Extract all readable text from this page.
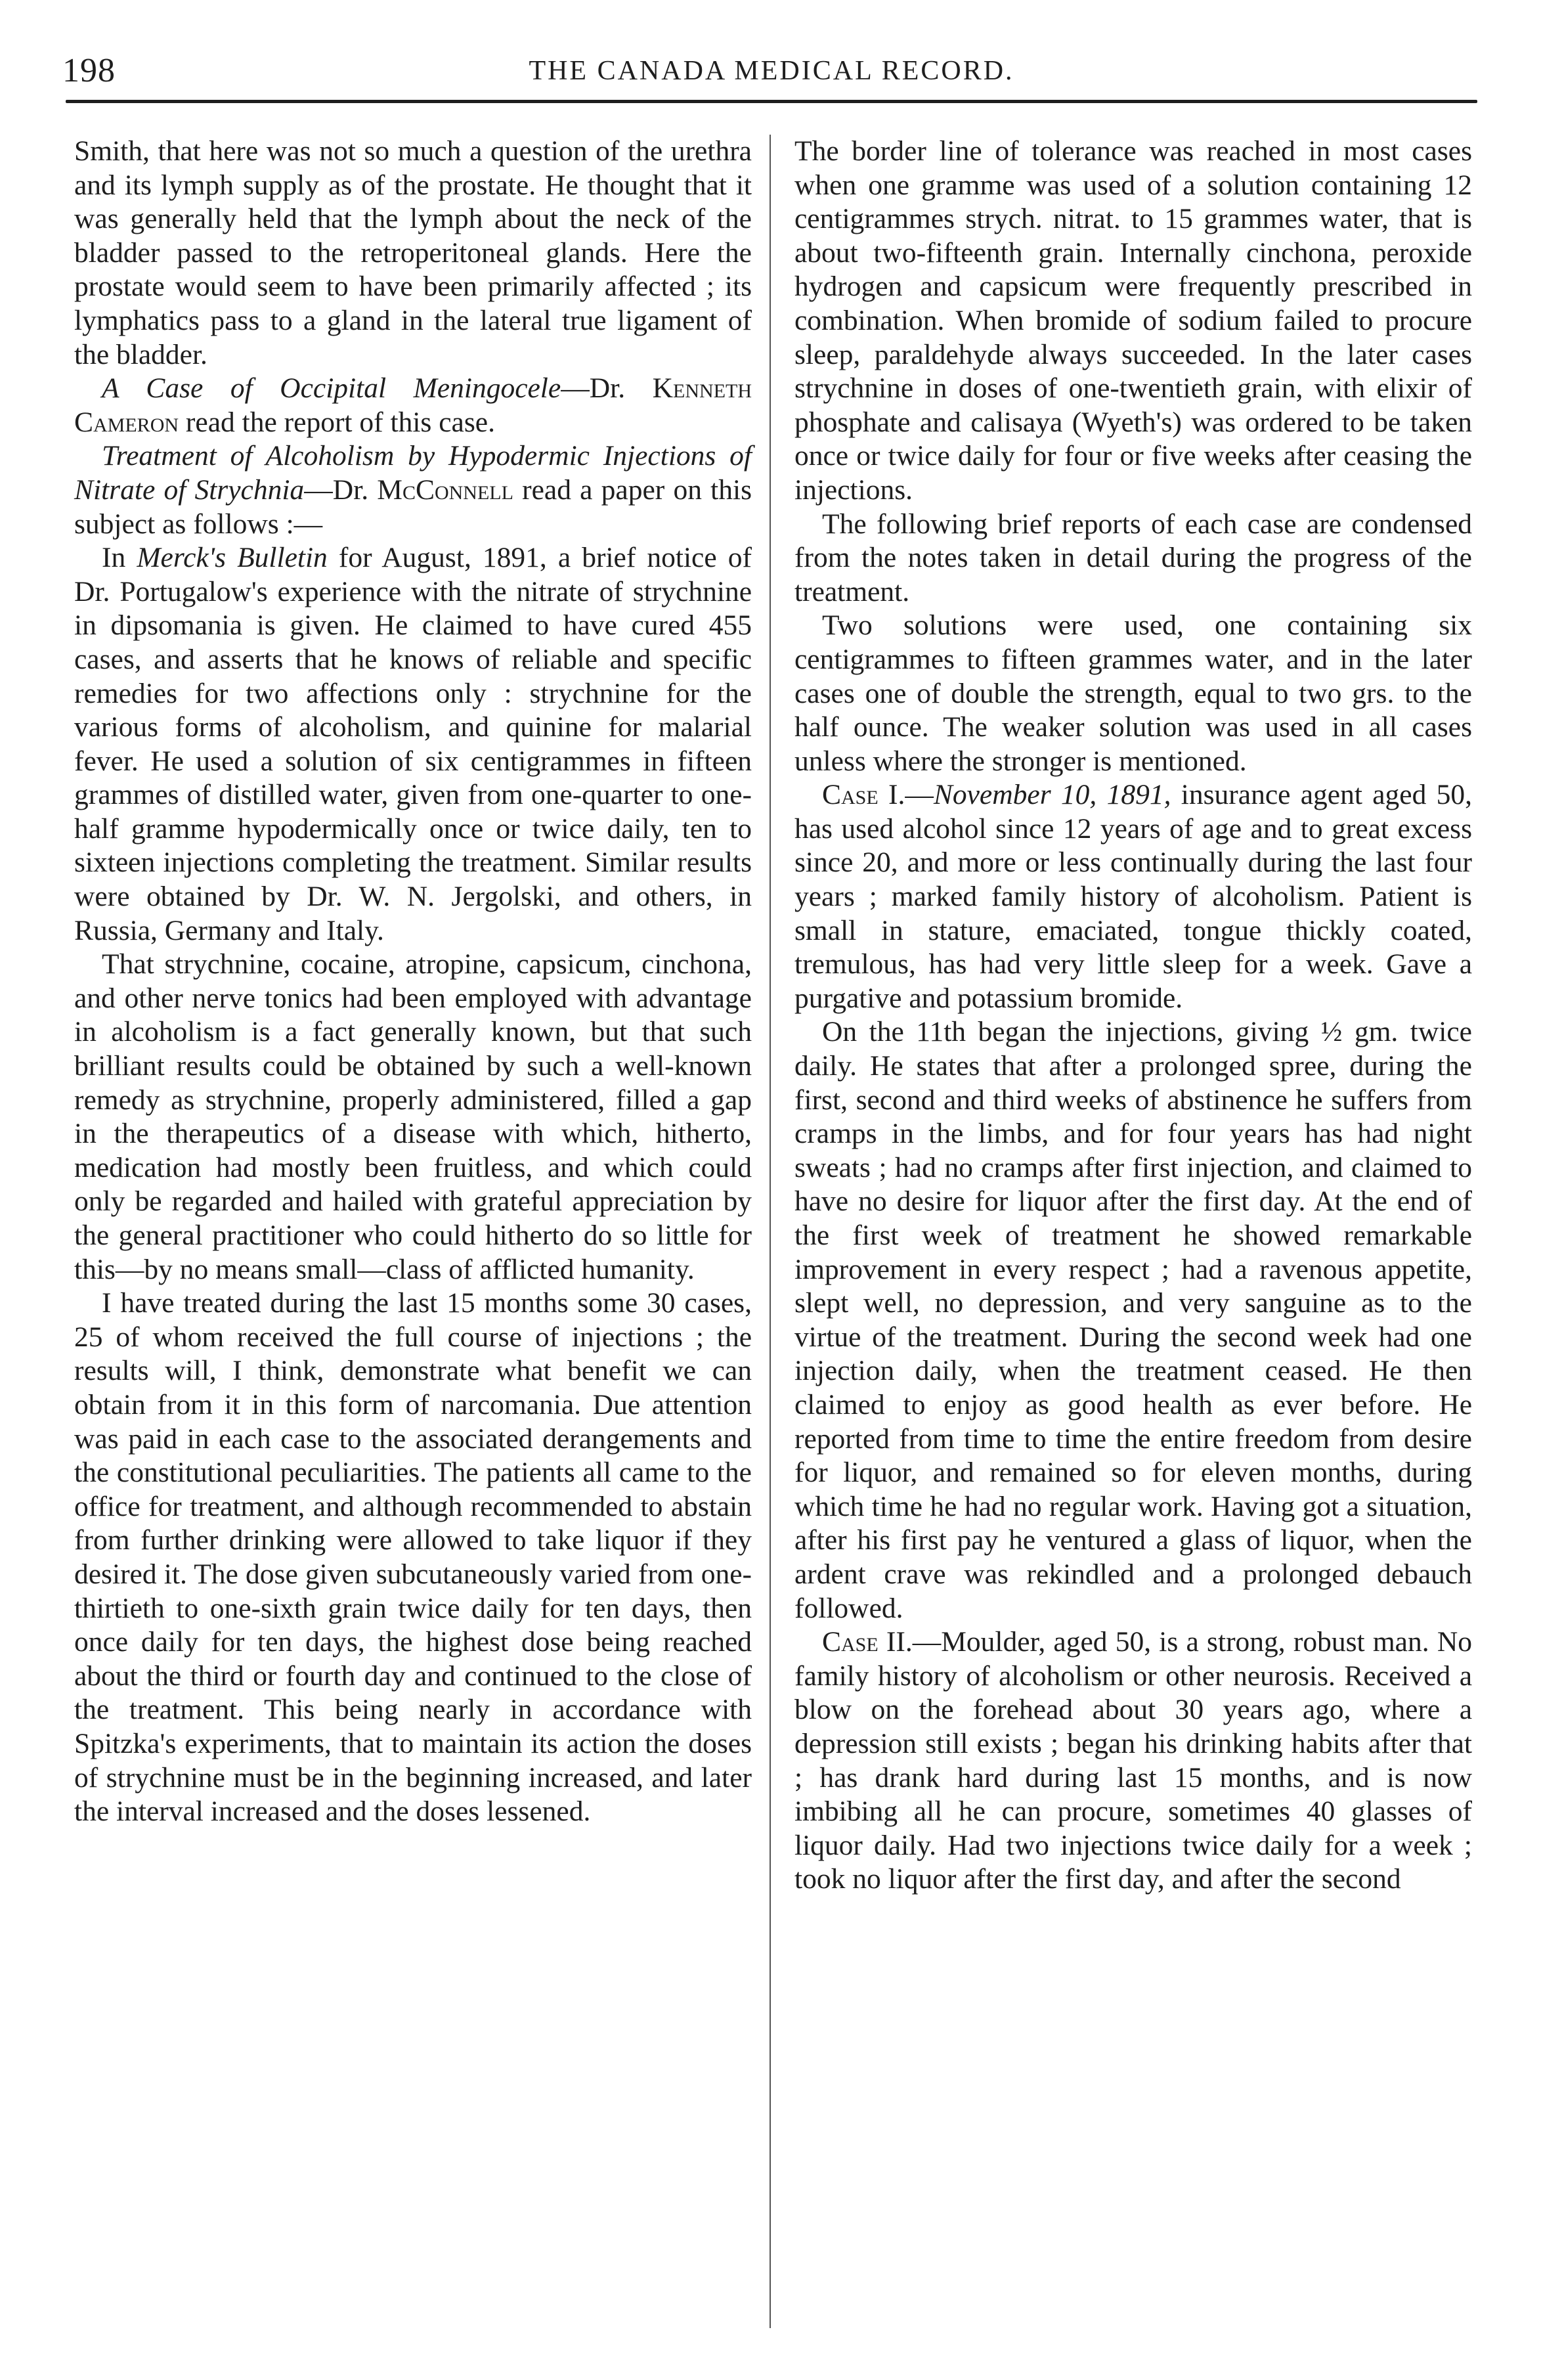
198	THE CANADA MEDICAL RECORD.

Smith, that here was not so much a question of the urethra and its lymph supply as of the prostate. He thought that it was generally held that the lymph about the neck of the bladder passed to the retroperitoneal glands. Here the prostate would seem to have been primarily affected ; its lymphatics pass to a gland in the lateral true ligament of the bladder.

A Case of Occipital Meningocele—Dr. Kenneth Cameron read the report of this case.

Treatment of Alcoholism by Hypodermic Injections of Nitrate of Strychnia—Dr. McConnell read a paper on this subject as follows :—

In Merck's Bulletin for August, 1891, a brief notice of Dr. Portugalow's experience with the nitrate of strychnine in dipsomania is given. He claimed to have cured 455 cases, and asserts that he knows of reliable and specific remedies for two affections only : strychnine for the various forms of alcoholism, and quinine for malarial fever. He used a solution of six centigrammes in fifteen grammes of distilled water, given from one-quarter to one-half gramme hypodermically once or twice daily, ten to sixteen injections completing the treatment. Similar results were obtained by Dr. W. N. Jergolski, and others, in Russia, Germany and Italy.

That strychnine, cocaine, atropine, capsicum, cinchona, and other nerve tonics had been employed with advantage in alcoholism is a fact generally known, but that such brilliant results could be obtained by such a well-known remedy as strychnine, properly administered, filled a gap in the therapeutics of a disease with which, hitherto, medication had mostly been fruitless, and which could only be regarded and hailed with grateful appreciation by the general practitioner who could hitherto do so little for this—by no means small—class of afflicted humanity.

I have treated during the last 15 months some 30 cases, 25 of whom received the full course of injections ; the results will, I think, demonstrate what benefit we can obtain from it in this form of narcomania. Due attention was paid in each case to the associated derangements and the constitutional peculiarities. The patients all came to the office for treatment, and although recommended to abstain from further drinking were allowed to take liquor if they desired it. The dose given subcutaneously varied from one-thirtieth to one-sixth grain twice daily for ten days, then once daily for ten days, the highest dose being reached about the third or fourth day and continued to the close of the treatment. This being nearly in accordance with Spitzka's experiments, that to maintain its action the doses of strychnine must be in the beginning increased, and later the interval increased and the doses lessened.

The border line of tolerance was reached in most cases when one gramme was used of a solution containing 12 centigrammes strych. nitrat. to 15 grammes water, that is about two-fifteenth grain. Internally cinchona, peroxide hydrogen and capsicum were frequently prescribed in combination. When bromide of sodium failed to procure sleep, paraldehyde always succeeded. In the later cases strychnine in doses of one-twentieth grain, with elixir of phosphate and calisaya (Wyeth's) was ordered to be taken once or twice daily for four or five weeks after ceasing the injections.

The following brief reports of each case are condensed from the notes taken in detail during the progress of the treatment.

Two solutions were used, one containing six centigrammes to fifteen grammes water, and in the later cases one of double the strength, equal to two grs. to the half ounce. The weaker solution was used in all cases unless where the stronger is mentioned.

Case I.—November 10, 1891, insurance agent aged 50, has used alcohol since 12 years of age and to great excess since 20, and more or less continually during the last four years ; marked family history of alcoholism. Patient is small in stature, emaciated, tongue thickly coated, tremulous, has had very little sleep for a week. Gave a purgative and potassium bromide.

On the 11th began the injections, giving ½ gm. twice daily. He states that after a prolonged spree, during the first, second and third weeks of abstinence he suffers from cramps in the limbs, and for four years has had night sweats ; had no cramps after first injection, and claimed to have no desire for liquor after the first day. At the end of the first week of treatment he showed remarkable improvement in every respect ; had a ravenous appetite, slept well, no depression, and very sanguine as to the virtue of the treatment. During the second week had one injection daily, when the treatment ceased. He then claimed to enjoy as good health as ever before. He reported from time to time the entire freedom from desire for liquor, and remained so for eleven months, during which time he had no regular work. Having got a situation, after his first pay he ventured a glass of liquor, when the ardent crave was rekindled and a prolonged debauch followed.

Case II.—Moulder, aged 50, is a strong, robust man. No family history of alcoholism or other neurosis. Received a blow on the forehead about 30 years ago, where a depression still exists ; began his drinking habits after that ; has drank hard during last 15 months, and is now imbibing all he can procure, sometimes 40 glasses of liquor daily. Had two injections twice daily for a week ; took no liquor after the first day, and after the second
